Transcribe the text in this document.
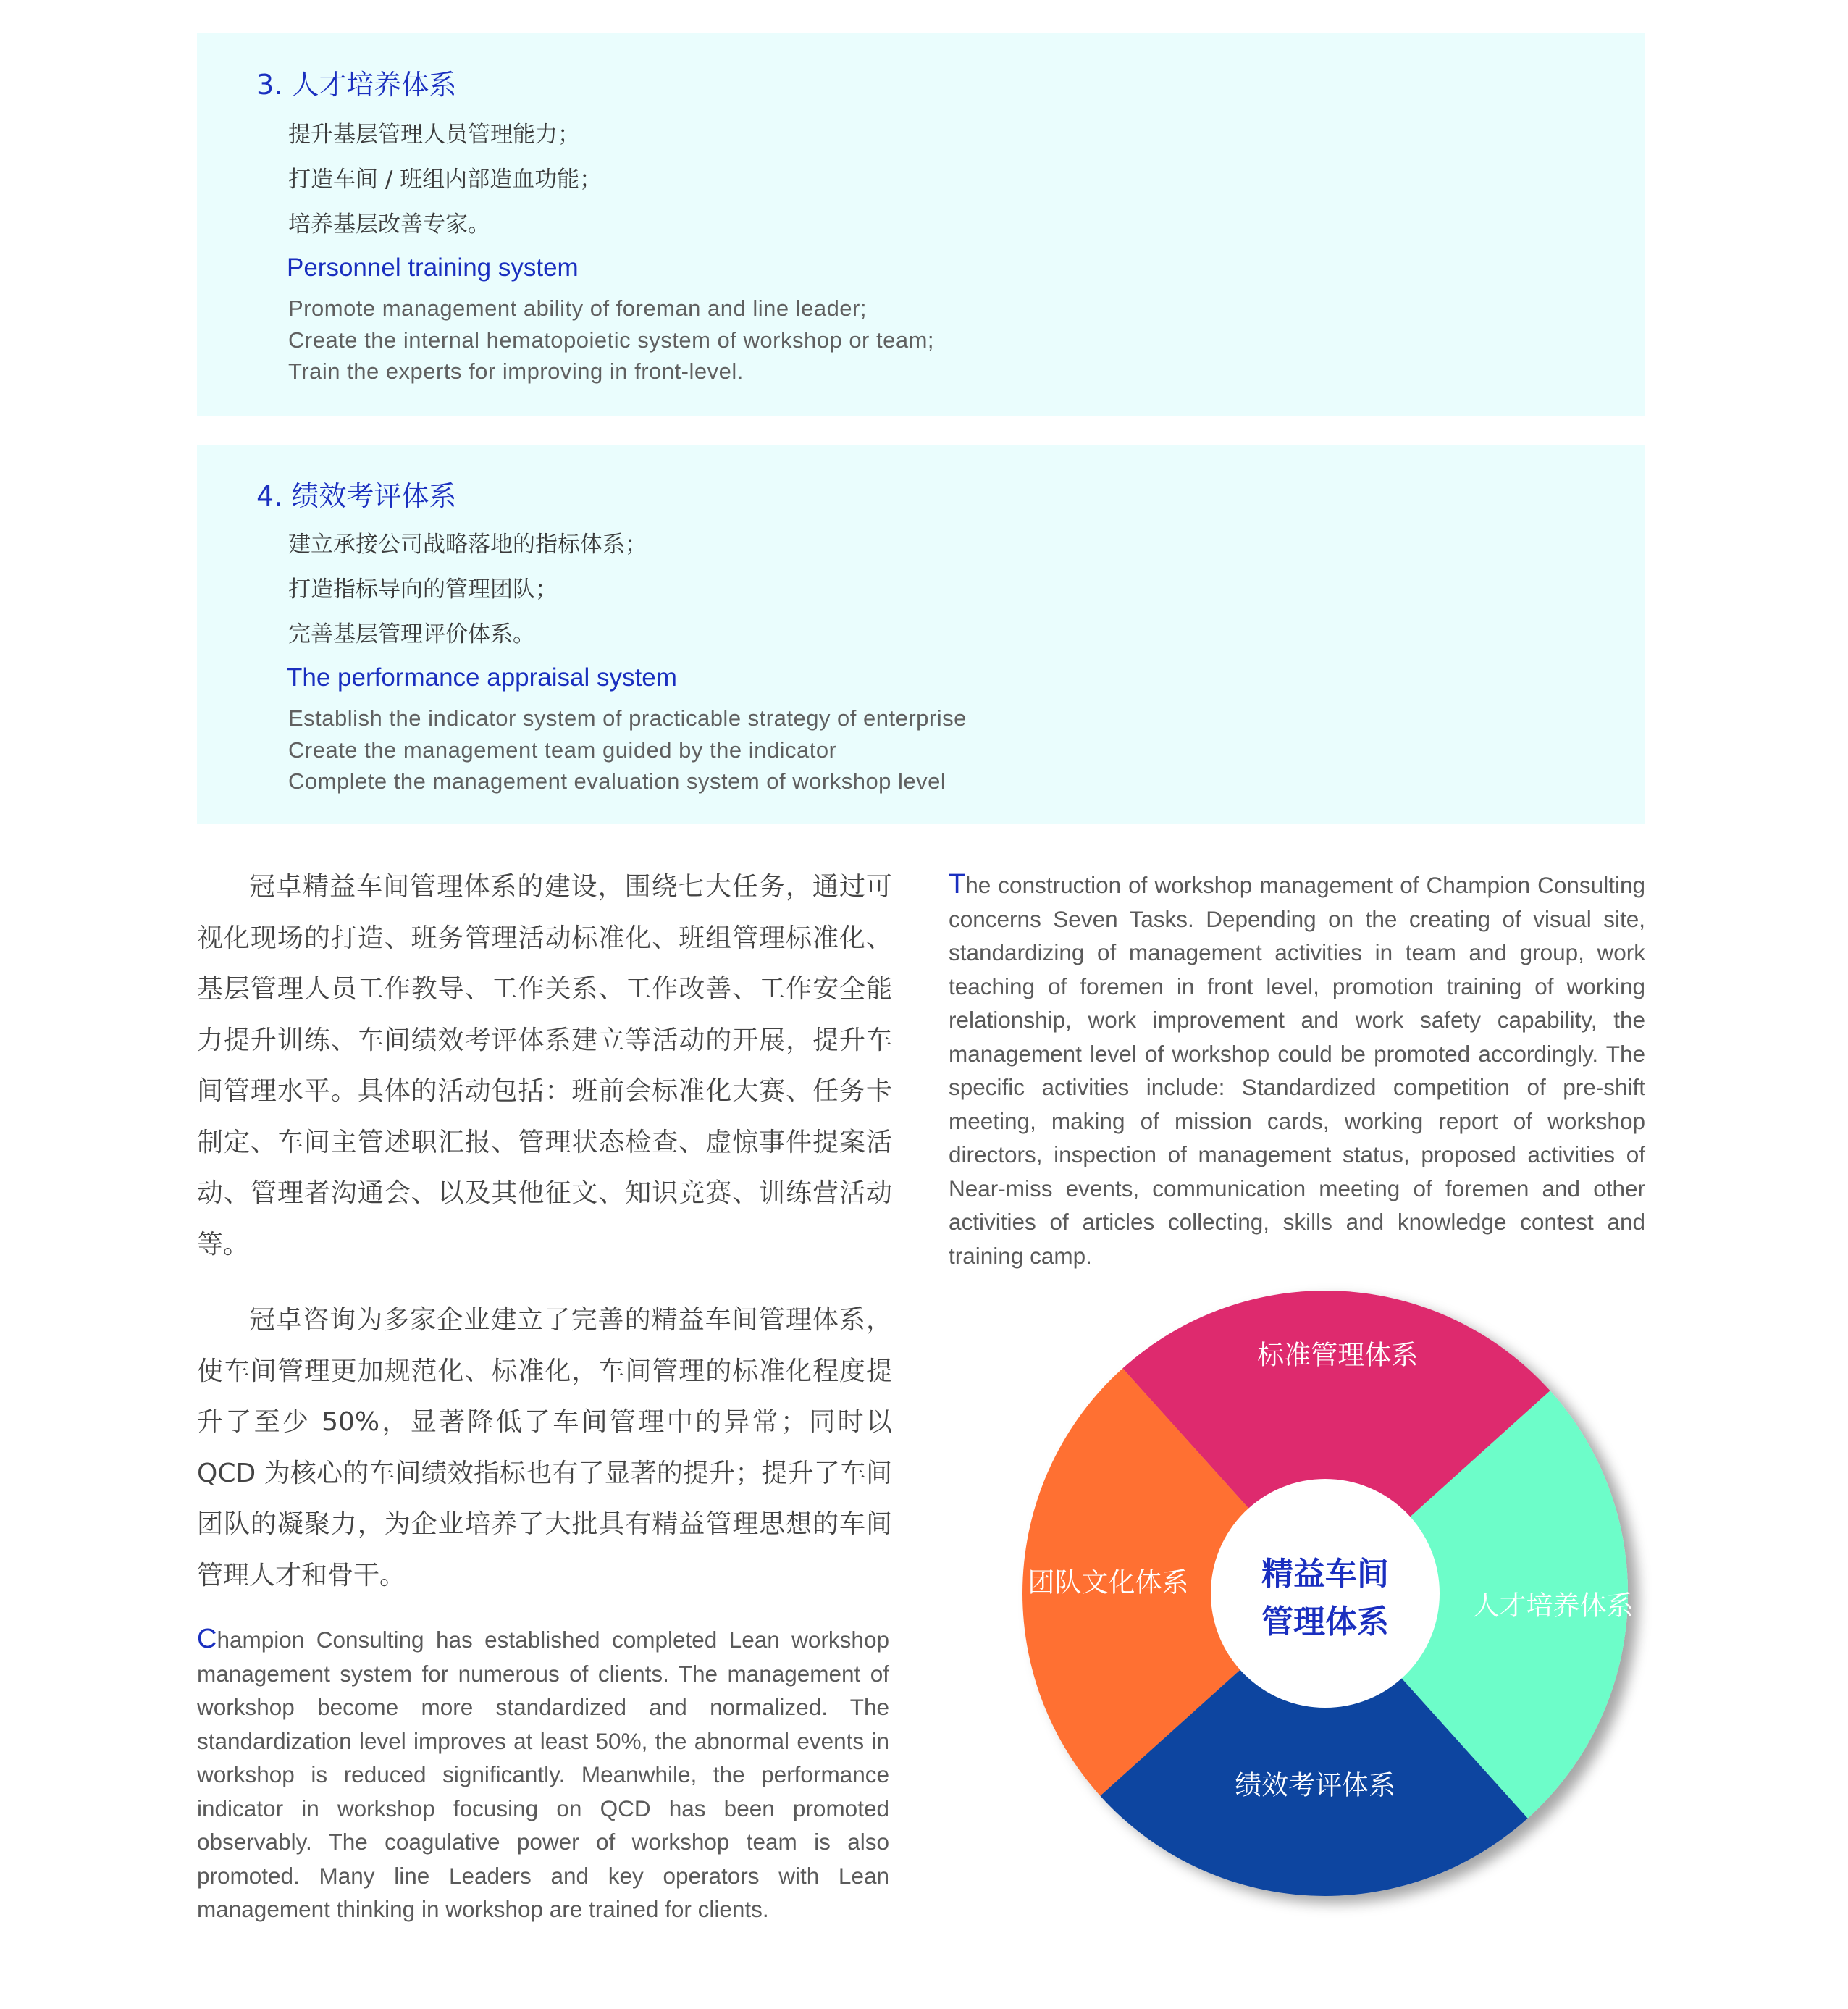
3. 人才培养体系

提升基层管理人员管理能力；

打造车间 / 班组内部造血功能；

培养基层改善专家。

Personnel training system

Promote management ability of foreman and line leader;

Create the internal hematopoietic system of workshop or team;

Train the experts for improving in front-level.

4. 绩效考评体系

建立承接公司战略落地的指标体系；

打造指标导向的管理团队；

完善基层管理评价体系。

The performance appraisal system

Establish the indicator system of practicable strategy of enterprise

Create the management team guided by the indicator

Complete the management evaluation system of workshop level

冠卓精益车间管理体系的建设，围绕七大任务，通过可视化现场的打造、班务管理活动标准化、班组管理标准化、基层管理人员工作教导、工作关系、工作改善、工作安全能力提升训练、车间绩效考评体系建立等活动的开展，提升车间管理水平。具体的活动包括：班前会标准化大赛、任务卡制定、车间主管述职汇报、管理状态检查、虚惊事件提案活动、管理者沟通会、以及其他征文、知识竞赛、训练营活动等。

冠卓咨询为多家企业建立了完善的精益车间管理体系，使车间管理更加规范化、标准化，车间管理的标准化程度提升了至少 50%，显著降低了车间管理中的异常；同时以 QCD 为核心的车间绩效指标也有了显著的提升；提升了车间团队的凝聚力，为企业培养了大批具有精益管理思想的车间管理人才和骨干。

The construction of workshop management of Champion Consulting concerns Seven Tasks. Depending on the creating of visual site, standardizing of management activities in team and group, work teaching of foremen in front level, promotion training of working relationship, work improvement and work safety capability, the management level of workshop could be promoted accordingly. The specific activities include: Standardized competition of pre-shift meeting, making of mission cards, working report of workshop directors, inspection of management status, proposed activities of Near-miss events, communication meeting of foremen and other activities of articles collecting, skills and knowledge contest and training camp.

Champion Consulting has established completed Lean workshop management system for numerous of clients. The management of workshop become more standardized and normalized. The standardization level improves at least 50%, the abnormal events in workshop is reduced significantly. Meanwhile, the performance indicator in workshop focusing on QCD has been promoted observably. The coagulative power of workshop team is also promoted. Many line Leaders and key operators with Lean management thinking in workshop are trained for clients.

标准管理体系
团队文化体系
绩效考评体系
人才培养体系
精益车间
管理体系
